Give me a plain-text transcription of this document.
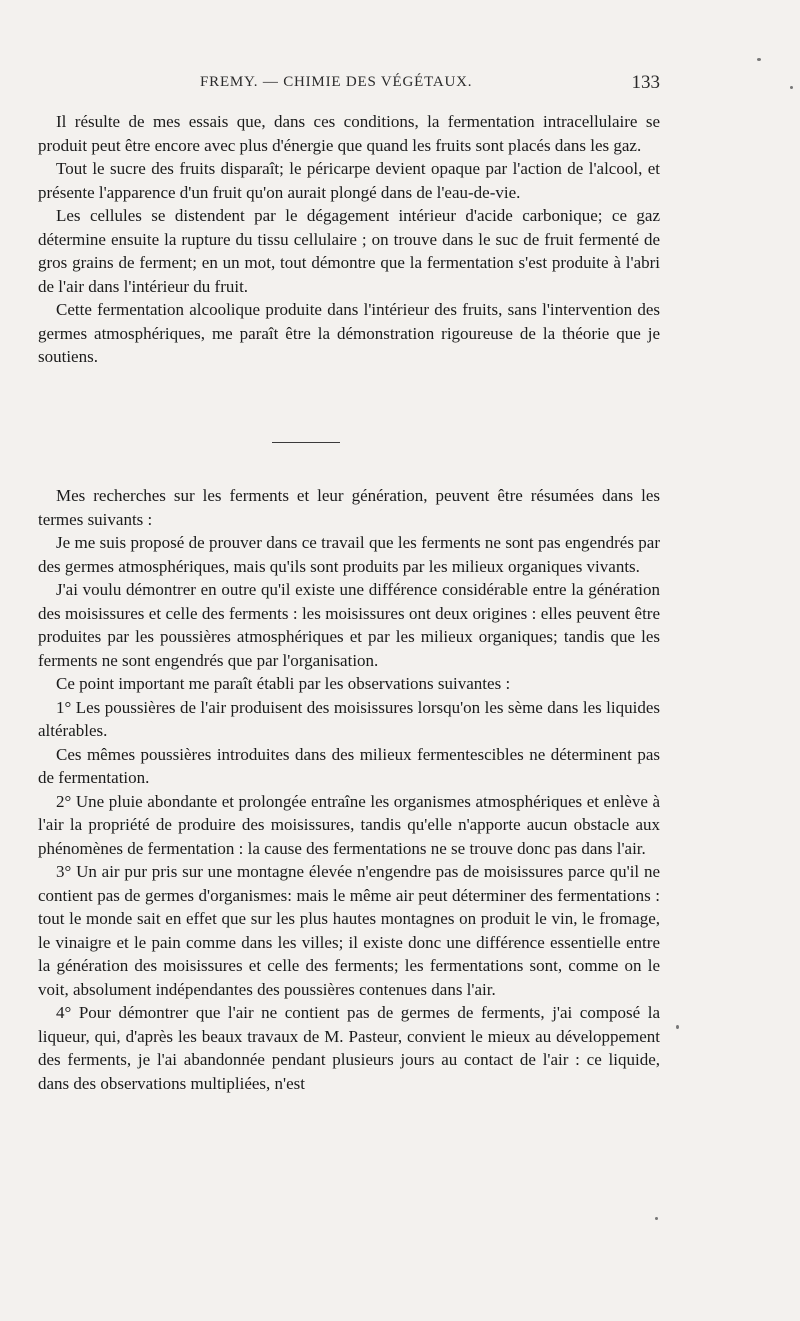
FREMY. — CHIMIE DES VÉGÉTAUX.	133

Il résulte de mes essais que, dans ces conditions, la fermentation intracellulaire se produit peut être encore avec plus d'énergie que quand les fruits sont placés dans les gaz.

Tout le sucre des fruits disparaît; le péricarpe devient opaque par l'action de l'alcool, et présente l'apparence d'un fruit qu'on aurait plongé dans de l'eau-de-vie.

Les cellules se distendent par le dégagement intérieur d'acide carbonique; ce gaz détermine ensuite la rupture du tissu cellulaire ; on trouve dans le suc de fruit fermenté de gros grains de ferment; en un mot, tout démontre que la fermentation s'est produite à l'abri de l'air dans l'intérieur du fruit.

Cette fermentation alcoolique produite dans l'intérieur des fruits, sans l'intervention des germes atmosphériques, me paraît être la démonstration rigoureuse de la théorie que je soutiens.

Mes recherches sur les ferments et leur génération, peuvent être résumées dans les termes suivants :

Je me suis proposé de prouver dans ce travail que les ferments ne sont pas engendrés par des germes atmosphériques, mais qu'ils sont produits par les milieux organiques vivants.

J'ai voulu démontrer en outre qu'il existe une différence considérable entre la génération des moisissures et celle des ferments : les moisissures ont deux origines : elles peuvent être produites par les poussières atmosphériques et par les milieux organiques; tandis que les ferments ne sont engendrés que par l'organisation.

Ce point important me paraît établi par les observations suivantes :

1° Les poussières de l'air produisent des moisissures lorsqu'on les sème dans les liquides altérables.

Ces mêmes poussières introduites dans des milieux fermentescibles ne déterminent pas de fermentation.

2° Une pluie abondante et prolongée entraîne les organismes atmosphériques et enlève à l'air la propriété de produire des moisissures, tandis qu'elle n'apporte aucun obstacle aux phénomènes de fermentation : la cause des fermentations ne se trouve donc pas dans l'air.

3° Un air pur pris sur une montagne élevée n'engendre pas de moisissures parce qu'il ne contient pas de germes d'organismes: mais le même air peut déterminer des fermentations : tout le monde sait en effet que sur les plus hautes montagnes on produit le vin, le fromage, le vinaigre et le pain comme dans les villes; il existe donc une différence essentielle entre la génération des moisissures et celle des ferments; les fermentations sont, comme on le voit, absolument indépendantes des poussières contenues dans l'air.

4° Pour démontrer que l'air ne contient pas de germes de ferments, j'ai composé la liqueur, qui, d'après les beaux travaux de M. Pasteur, convient le mieux au développement des ferments, je l'ai abandonnée pendant plusieurs jours au contact de l'air : ce liquide, dans des observations multipliées, n'est
